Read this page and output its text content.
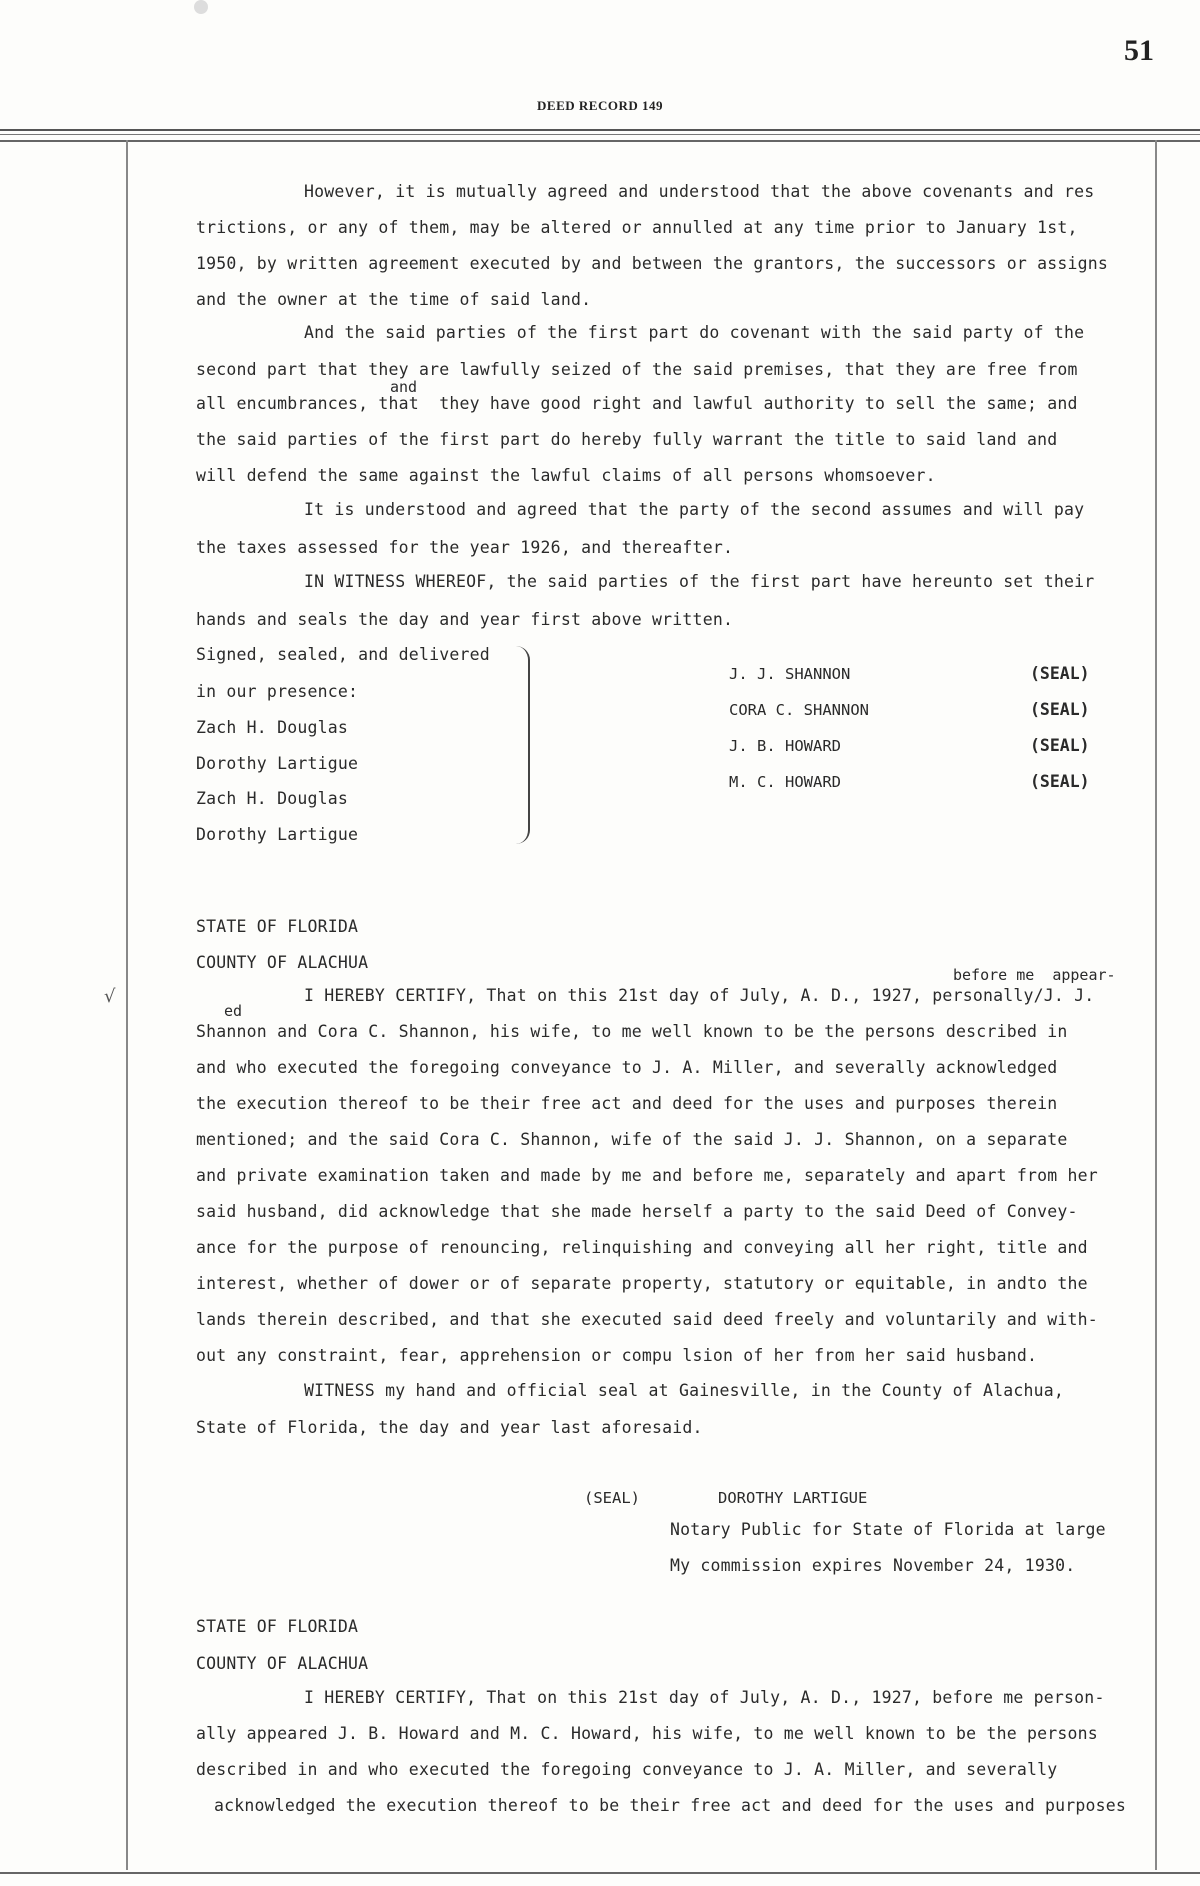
51
DEED RECORD 149
√
However, it is mutually agreed and understood that the above covenants and res
trictions, or any of them, may be altered or annulled at any time prior to January 1st,
1950, by written agreement executed by and between the grantors, the successors or assigns
and the owner at the time of said land.
And the said parties of the first part do covenant with the said party of the
second part that they are lawfully seized of the said premises, that they are free from
and
all encumbrances, that  they have good right and lawful authority to sell the same; and
the said parties of the first part do hereby fully warrant the title to said land and
will defend the same against the lawful claims of all persons whomsoever.
It is understood and agreed that the party of the second assumes and will pay
the taxes assessed for the year 1926, and thereafter.
IN WITNESS WHEREOF, the said parties of the first part have hereunto set their
hands and seals the day and year first above written.
Signed, sealed, and delivered
in our presence:
Zach H. Douglas
Dorothy Lartigue
Zach H. Douglas
Dorothy Lartigue
J. J. SHANNON	(SEAL)
CORA C. SHANNON	(SEAL)
J. B. HOWARD	(SEAL)
M. C. HOWARD	(SEAL)
STATE OF FLORIDA
COUNTY OF ALACHUA
before me  appear-
ed
I HEREBY CERTIFY, That on this 21st day of July, A. D., 1927, personally/J. J.
Shannon and Cora C. Shannon, his wife, to me well known to be the persons described in
and who executed the foregoing conveyance to J. A. Miller, and severally acknowledged
the execution thereof to be their free act and deed for the uses and purposes therein
mentioned; and the said Cora C. Shannon, wife of the said J. J. Shannon, on a separate
and private examination taken and made by me and before me, separately and apart from her
said husband, did acknowledge that she made herself a party to the said Deed of Convey-
ance for the purpose of renouncing, relinquishing and conveying all her right, title and
interest, whether of dower or of separate property, statutory or equitable, in andto the
lands therein described, and that she executed said deed freely and voluntarily and with-
out any constraint, fear, apprehension or compu lsion of her from her said husband.
WITNESS my hand and official seal at Gainesville, in the County of Alachua,
State of Florida, the day and year last aforesaid.
(SEAL)	DOROTHY LARTIGUE
Notary Public for State of Florida at large
My commission expires November 24, 1930.
STATE OF FLORIDA
COUNTY OF ALACHUA
I HEREBY CERTIFY, That on this 21st day of July, A. D., 1927, before me person-
ally appeared J. B. Howard and M. C. Howard, his wife, to me well known to be the persons
described in and who executed the foregoing conveyance to J. A. Miller, and severally
acknowledged the execution thereof to be their free act and deed for the uses and purposes
